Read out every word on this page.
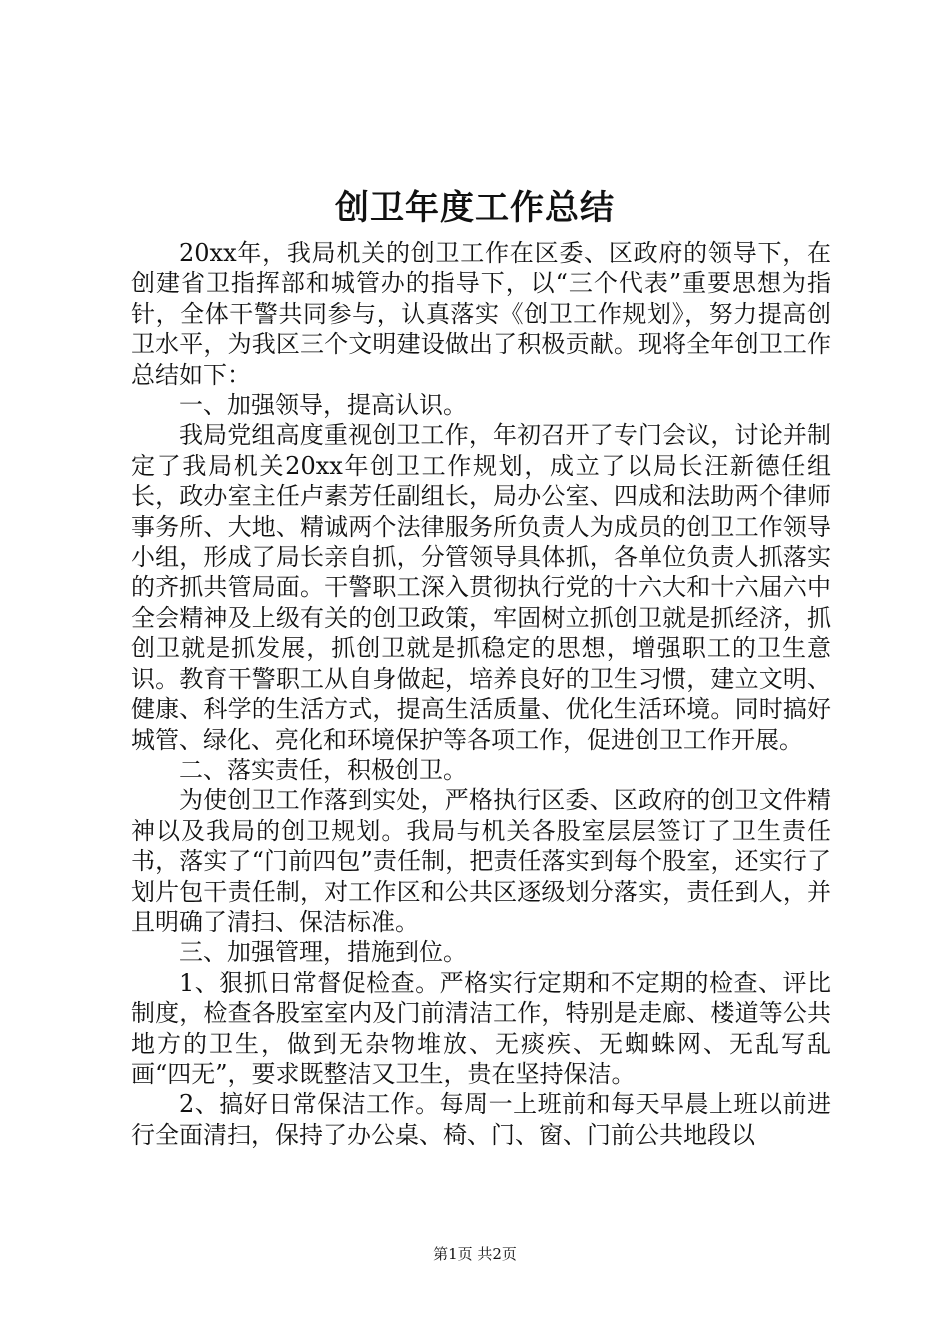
创卫年度工作总结

20xx年，我局机关的创卫工作在区委、区政府的领导下，在创建省卫指挥部和城管办的指导下，以“三个代表”重要思想为指针，全体干警共同参与，认真落实《创卫工作规划》，努力提高创卫水平，为我区三个文明建设做出了积极贡献。现将全年创卫工作总结如下：

一、加强领导，提高认识。

我局党组高度重视创卫工作，年初召开了专门会议，讨论并制定了我局机关20xx年创卫工作规划，成立了以局长汪新德任组长，政办室主任卢素芳任副组长，局办公室、四成和法助两个律师事务所、大地、精诚两个法律服务所负责人为成员的创卫工作领导小组，形成了局长亲自抓，分管领导具体抓，各单位负责人抓落实的齐抓共管局面。干警职工深入贯彻执行党的十六大和十六届六中全会精神及上级有关的创卫政策，牢固树立抓创卫就是抓经济，抓创卫就是抓发展，抓创卫就是抓稳定的思想，增强职工的卫生意识。教育干警职工从自身做起，培养良好的卫生习惯，建立文明、健康、科学的生活方式，提高生活质量、优化生活环境。同时搞好城管、绿化、亮化和环境保护等各项工作，促进创卫工作开展。

二、落实责任，积极创卫。

为使创卫工作落到实处，严格执行区委、区政府的创卫文件精神以及我局的创卫规划。我局与机关各股室层层签订了卫生责任书，落实了“门前四包”责任制，把责任落实到每个股室，还实行了划片包干责任制，对工作区和公共区逐级划分落实，责任到人，并且明确了清扫、保洁标准。

三、加强管理，措施到位。

1、狠抓日常督促检查。严格实行定期和不定期的检查、评比制度，检查各股室室内及门前清洁工作，特别是走廊、楼道等公共地方的卫生，做到无杂物堆放、无痰疾、无蜘蛛网、无乱写乱画“四无”，要求既整洁又卫生，贵在坚持保洁。

2、搞好日常保洁工作。每周一上班前和每天早晨上班以前进行全面清扫，保持了办公桌、椅、门、窗、门前公共地段以

第1页 共2页
